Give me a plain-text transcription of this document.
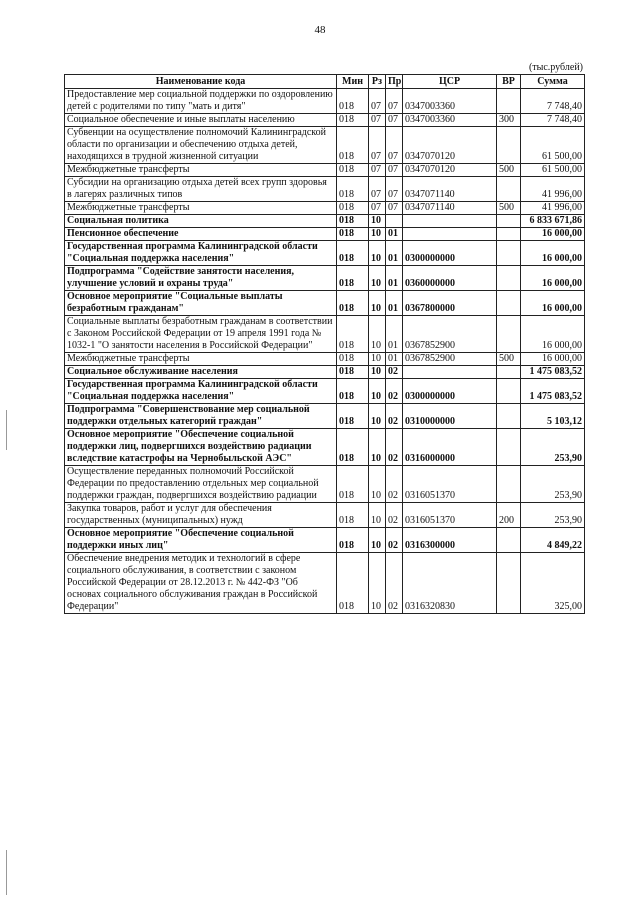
48
(тыс.рублей)
Наименование кода	Мин	Рз	Пр	ЦСР	ВР	Сумма
Предоставление мер социальной поддержки по оздоровлению детей с родителями по типу "мать и дитя"	018	07	07	0347003360		7 748,40
Социальное обеспечение и иные выплаты населению	018	07	07	0347003360	300	7 748,40
Субвенции на осуществление полномочий Калининградской области по организации и обеспечению отдыха детей, находящихся в трудной жизненной ситуации	018	07	07	0347070120		61 500,00
Межбюджетные трансферты	018	07	07	0347070120	500	61 500,00
Субсидии на организацию отдыха детей всех групп здоровья в лагерях различных типов	018	07	07	0347071140		41 996,00
Межбюджетные трансферты	018	07	07	0347071140	500	41 996,00
Социальная политика	018	10				6 833 671,86
Пенсионное обеспечение	018	10	01			16 000,00
Государственная программа Калининградской области "Социальная поддержка населения"	018	10	01	0300000000		16 000,00
Подпрограмма "Содействие занятости населения, улучшение условий и охраны труда"	018	10	01	0360000000		16 000,00
Основное мероприятие "Социальные выплаты безработным гражданам"	018	10	01	0367800000		16 000,00
Социальные выплаты безработным гражданам в соответствии с Законом Российской Федерации от 19 апреля 1991 года № 1032-1 "О занятости населения в Российской Федерации"	018	10	01	0367852900		16 000,00
Межбюджетные трансферты	018	10	01	0367852900	500	16 000,00
Социальное обслуживание населения	018	10	02			1 475 083,52
Государственная программа Калининградской области "Социальная поддержка населения"	018	10	02	0300000000		1 475 083,52
Подпрограмма "Совершенствование мер социальной поддержки отдельных категорий граждан"	018	10	02	0310000000		5 103,12
Основное мероприятие "Обеспечение социальной поддержки лиц, подвергшихся воздействию радиации вследствие катастрофы на Чернобыльской АЭС"	018	10	02	0316000000		253,90
Осуществление переданных полномочий Российской Федерации по предоставлению отдельных мер социальной поддержки граждан, подвергшихся воздействию радиации	018	10	02	0316051370		253,90
Закупка товаров, работ и услуг для обеспечения государственных (муниципальных) нужд	018	10	02	0316051370	200	253,90
Основное мероприятие "Обеспечение социальной поддержки иных лиц"	018	10	02	0316300000		4 849,22
Обеспечение внедрения методик и технологий в сфере социального обслуживания, в соответствии с законом Российской Федерации от 28.12.2013 г. № 442-ФЗ "Об основах социального обслуживания граждан в Российской Федерации"	018	10	02	0316320830		325,00
